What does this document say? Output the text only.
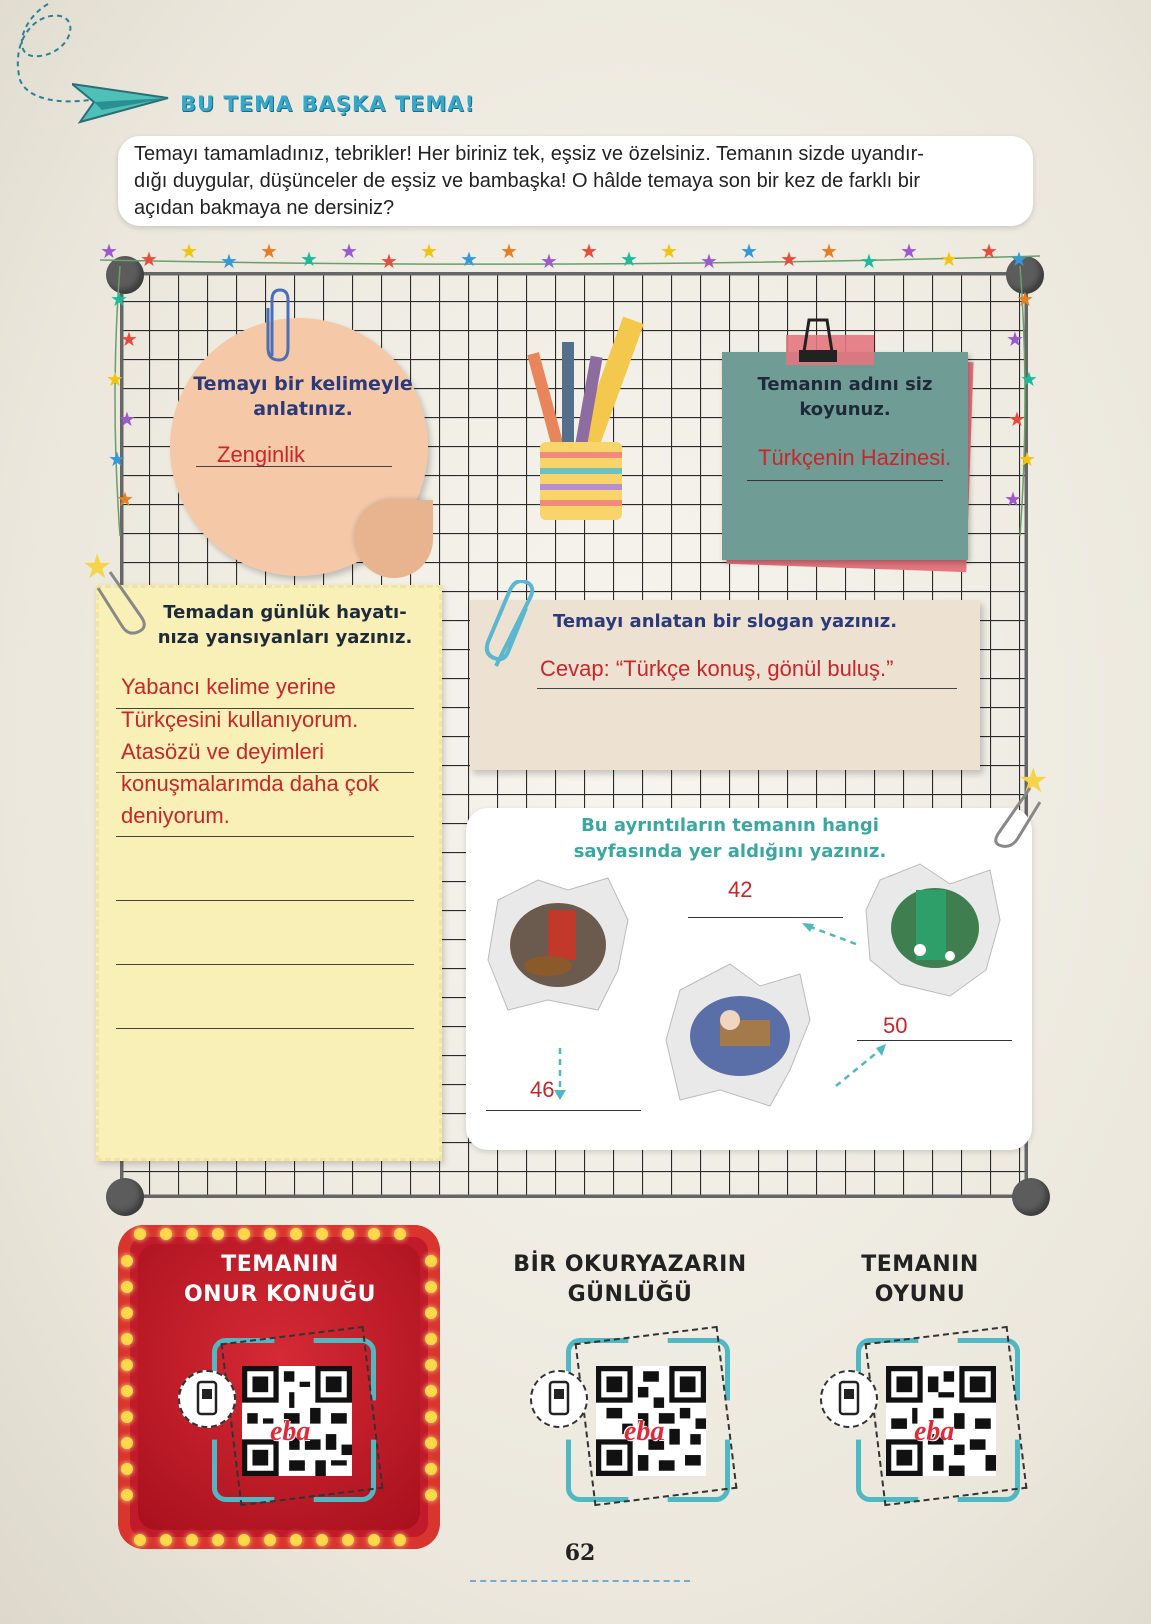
BU TEMA BAŞKA TEMA!
Temayı tamamladınız, tebrikler! Her biriniz tek, eşsiz ve özelsiniz. Temanın sizde uyandır-
dığı duygular, düşünceler de eşsiz ve bambaşka! O hâlde temaya son bir kez de farklı bir
açıdan bakmaya ne dersiniz?
★ ★ ★ ★ ★ ★ ★ ★ ★ ★ ★ ★ ★ ★ ★ ★ ★ ★ ★ ★ ★ ★ ★ ★
★
★
★
★
★
★
★
★
★
★
★
★
Temayı bir kelimeyle
anlatınız.
Zenginlik
Temanın adını siz
koyunuz.
Türkçenin Hazinesi.
★
Temadan günlük hayatı-
nıza yansıyanları yazınız.
Yabancı kelime yerine
Türkçesini kullanıyorum.
Atasözü ve deyimleri
konuşmalarımda daha çok
deniyorum.
Temayı anlatan bir slogan yazınız.
Cevap: “Türkçe konuş, gönül buluş.”
★
Bu ayrıntıların temanın hangi
sayfasında yer aldığını yazınız.
42
50
46
TEMANIN
ONUR KONUĞU
eba
BİR OKURYAZARIN
GÜNLÜĞÜ
eba
TEMANIN
OYUNU
eba
62
